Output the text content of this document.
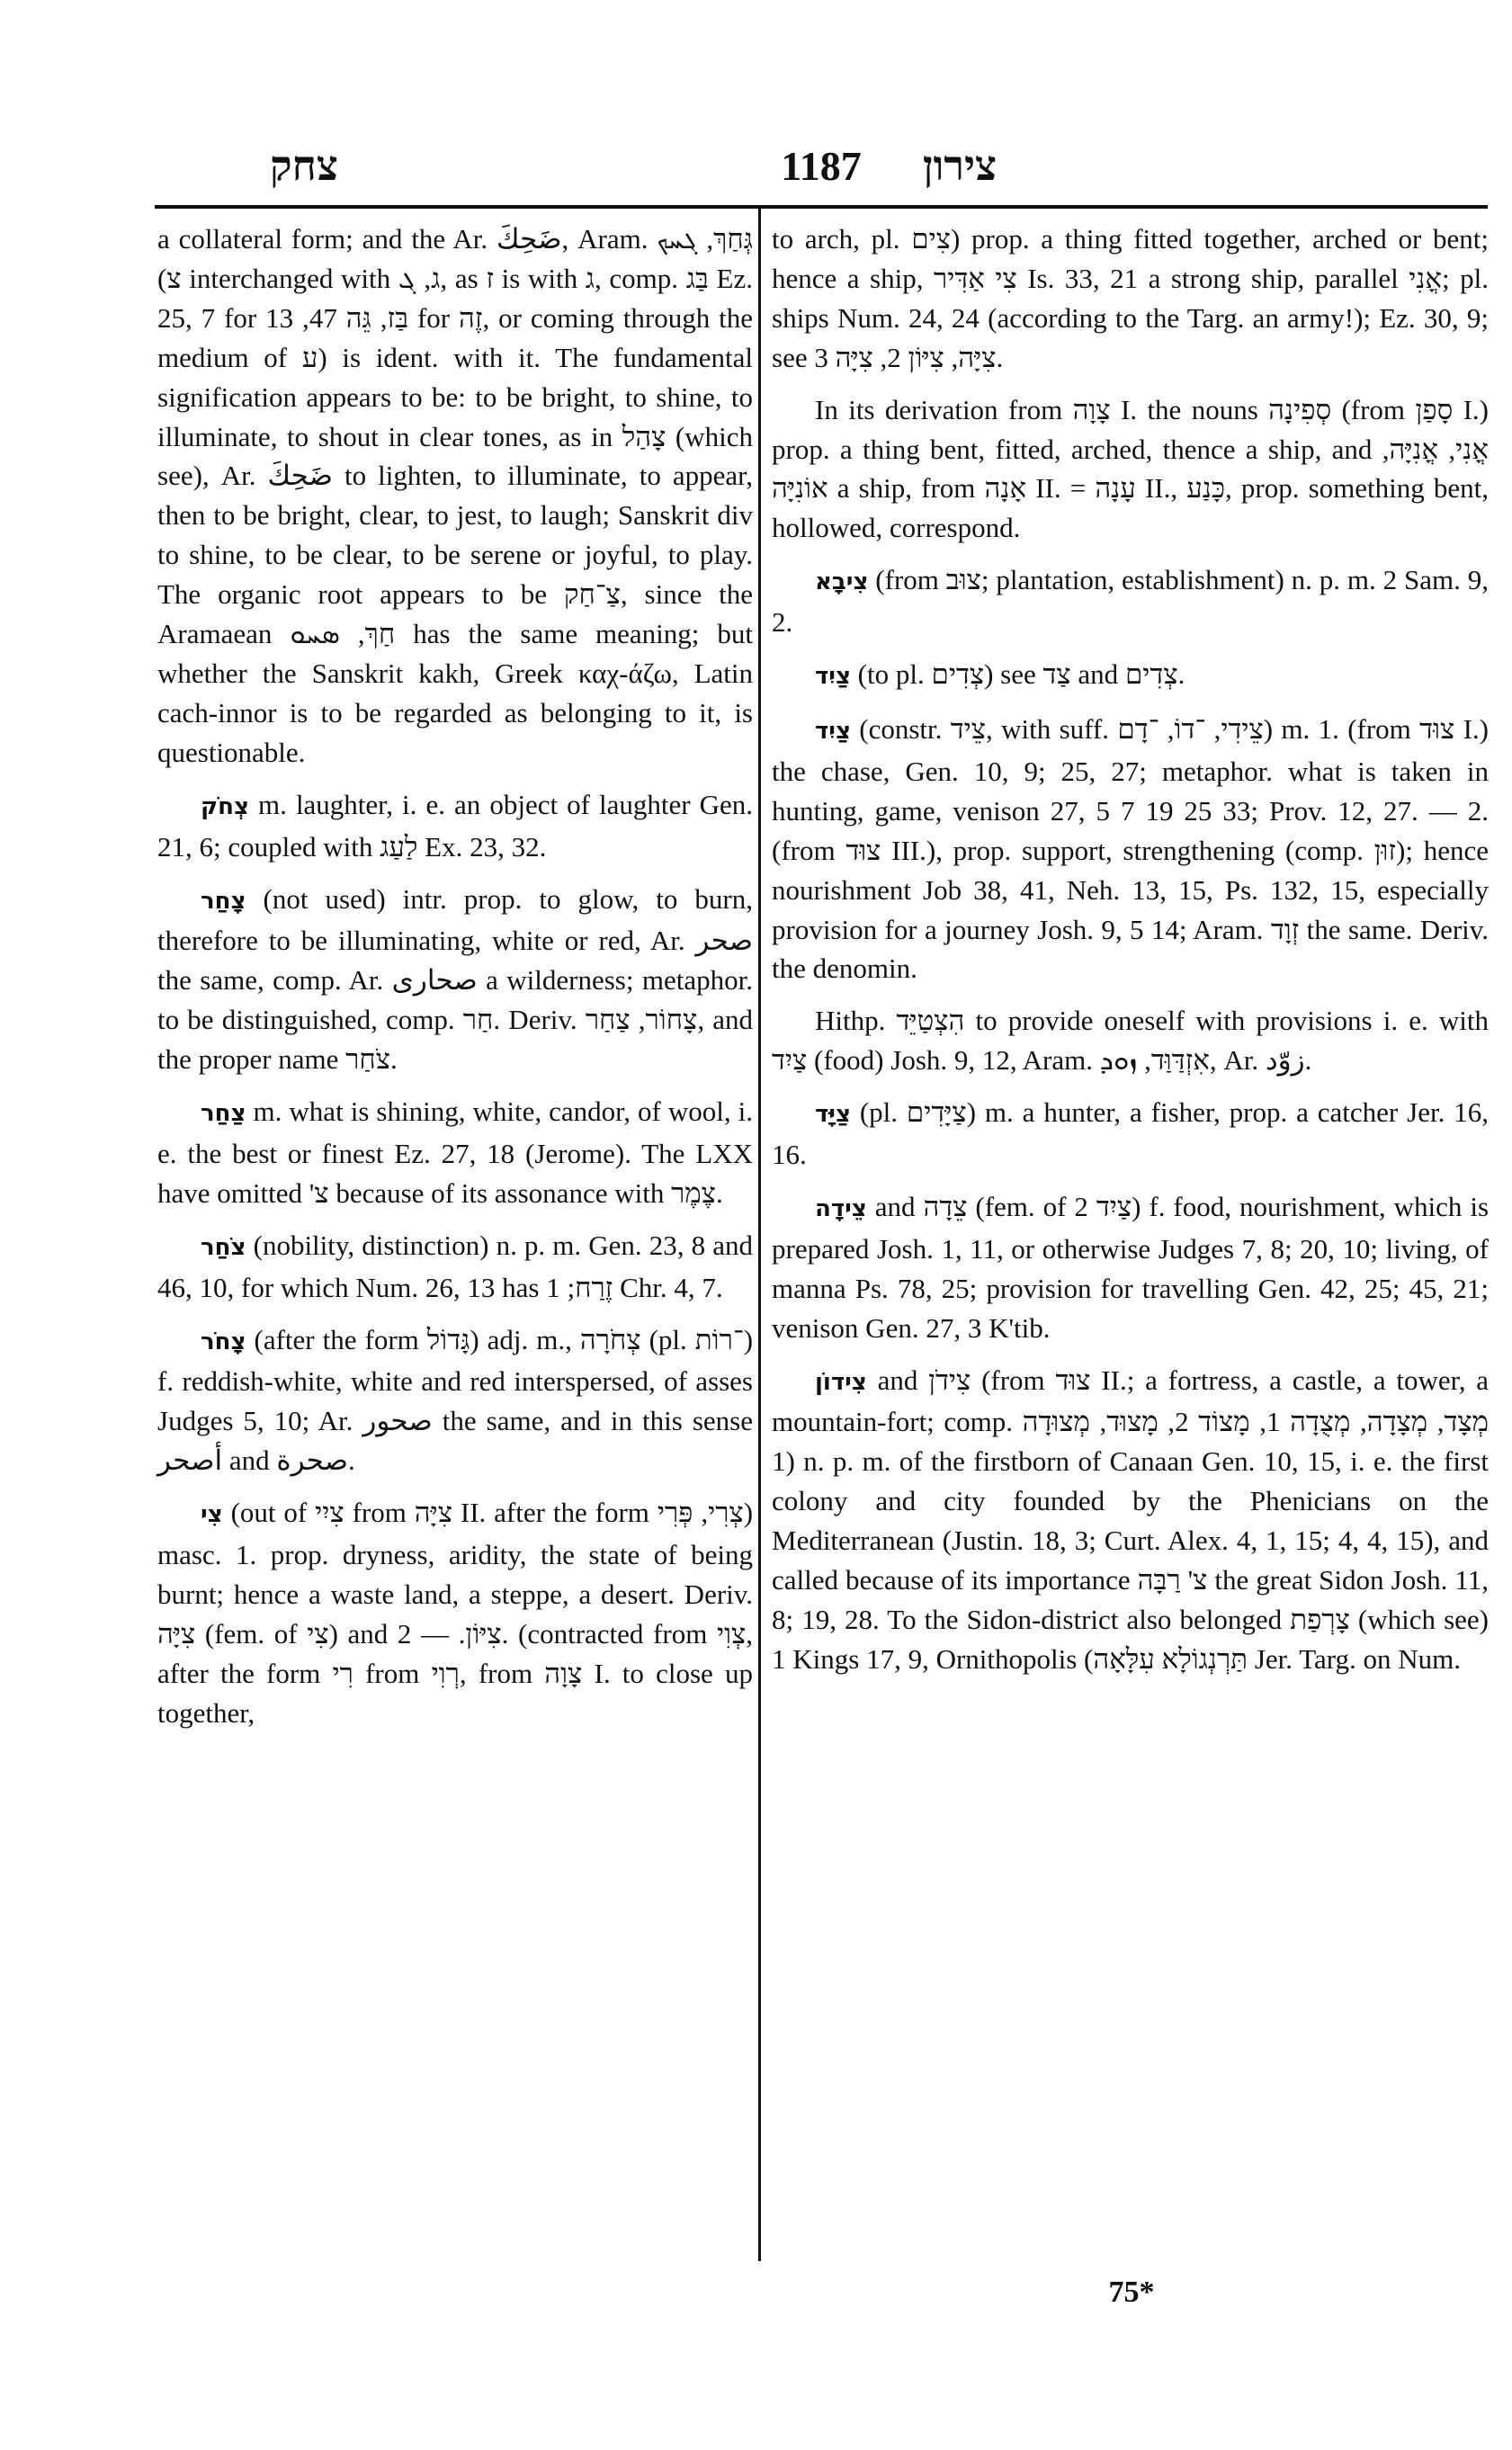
צחק	1187	צירון

a collateral form; and the Ar. ضَحِكَ, Aram. גְּחַךְ, ܓܚܟ (צ interchanged with ג, ܓ, as ז is with ג, comp. בַּג Ez. 25, 7 for בַּז, גֵּה 47, 13 for זֶה, or coming through the medium of ע) is ident. with it. The fundamental signification appears to be: to be bright, to shine, to illuminate, to shout in clear tones, as in צָהַל (which see), Ar. ضَحِكَ to lighten, to illuminate, to appear, then to be bright, clear, to jest, to laugh; Sanskrit div to shine, to be clear, to be serene or joyful, to play. The organic root appears to be צַ־חַק, since the Aramaean חַךְ, ܣܚܘ has the same meaning; but whether the Sanskrit kakh, Greek καχ-άζω, Latin cach-innor is to be regarded as belonging to it, is questionable.

צְחֹק m. laughter, i. e. an object of laughter Gen. 21, 6; coupled with לַעַג Ex. 23, 32.

צָחַר (not used) intr. prop. to glow, to burn, therefore to be illuminating, white or red, Ar. صحر the same, comp. Ar. صحارى a wilderness; metaphor. to be distinguished, comp. חַר. Deriv. צָחוֹר, צַחַר, and the proper name צֹחַר.

צַחַר m. what is shining, white, candor, of wool, i. e. the best or finest Ez. 27, 18 (Jerome). The LXX have omitted 'צ because of its assonance with צֶמֶר.

צֹחַר (nobility, distinction) n. p. m. Gen. 23, 8 and 46, 10, for which Num. 26, 13 has זֶרַח; 1 Chr. 4, 7.

צָחֹר (after the form גָּדוֹל) adj. m., צְחֹרָה (pl. ־רוֹת) f. reddish-white, white and red interspersed, of asses Judges 5, 10; Ar. صحور the same, and in this sense أصحر and صحرة.

צִי (out of צִיִי from צִיָּה II. after the form צְרִי, פְּרִי) masc. 1. prop. dryness, aridity, the state of being burnt; hence a waste land, a steppe, a desert. Deriv. צִיָּה (fem. of צִי) and צִיּוֹן. — 2. (contracted from צְוִי, after the form רִי from רְוִי, from צָוָה I. to close up together,

to arch, pl. צִים) prop. a thing fitted together, arched or bent; hence a ship, צִי אַדִּיר Is. 33, 21 a strong ship, parallel אֳנִי; pl. ships Num. 24, 24 (according to the Targ. an army!); Ez. 30, 9; see צִיָּה, צִיּוֹן 2, צִיָּה 3.

In its derivation from צָוָה I. the nouns סְפִינָה (from סָפַן I.) prop. a thing bent, fitted, arched, thence a ship, and אֳנִי, אֳנִיָּה, אוֹנִיָּה a ship, from אָנָה II. = עָנָה II., כָּנַע, prop. something bent, hollowed, correspond.

צִיבָא (from צוּב; plantation, establishment) n. p. m. 2 Sam. 9, 2.

צַיִד (to pl. צְדִים) see צַד and צְדִים.

צַיִד (constr. צֵיד, with suff. צֵידִי, ־דוֹ, ־דָם) m. 1. (from צוּד I.) the chase, Gen. 10, 9; 25, 27; metaphor. what is taken in hunting, game, venison 27, 5 7 19 25 33; Prov. 12, 27. — 2. (from צוּד III.), prop. support, strengthening (comp. זוּן); hence nourishment Job 38, 41, Neh. 13, 15, Ps. 132, 15, especially provision for a journey Josh. 9, 5 14; Aram. זְוָד the same. Deriv. the denomin.

Hithp. הִצְטַיֵּד to provide oneself with provisions i. e. with צַיִד (food) Josh. 9, 12, Aram. אִזְדַּוַּד, ܙܘܕ, Ar. زوّد.

צַיָּד (pl. צַיָּדִים) m. a hunter, a fisher, prop. a catcher Jer. 16, 16.

צֵידָה and צֵדָה (fem. of צַיִד 2) f. food, nourishment, which is prepared Josh. 1, 11, or otherwise Judges 7, 8; 20, 10; living, of manna Ps. 78, 25; provision for travelling Gen. 42, 25; 45, 21; venison Gen. 27, 3 K'tib.

צִידוֹן and צִידֹן (from צוּד II.; a fortress, a castle, a tower, a mountain-fort; comp. מְצָד, מְצָדָה, מְצֻדָה 1, מָצוֹד 2, מָצוּד, מְצוּדָה 1) n. p. m. of the firstborn of Canaan Gen. 10, 15, i. e. the first colony and city founded by the Phenicians on the Mediterranean (Justin. 18, 3; Curt. Alex. 4, 1, 15; 4, 4, 15), and called because of its importance צ' רַבָּה the great Sidon Josh. 11, 8; 19, 28. To the Sidon-district also belonged צָרְפַת (which see) 1 Kings 17, 9, Ornithopolis (תַּרְנְגוֹלָא עִלָּאָה Jer. Targ. on Num.

75*
